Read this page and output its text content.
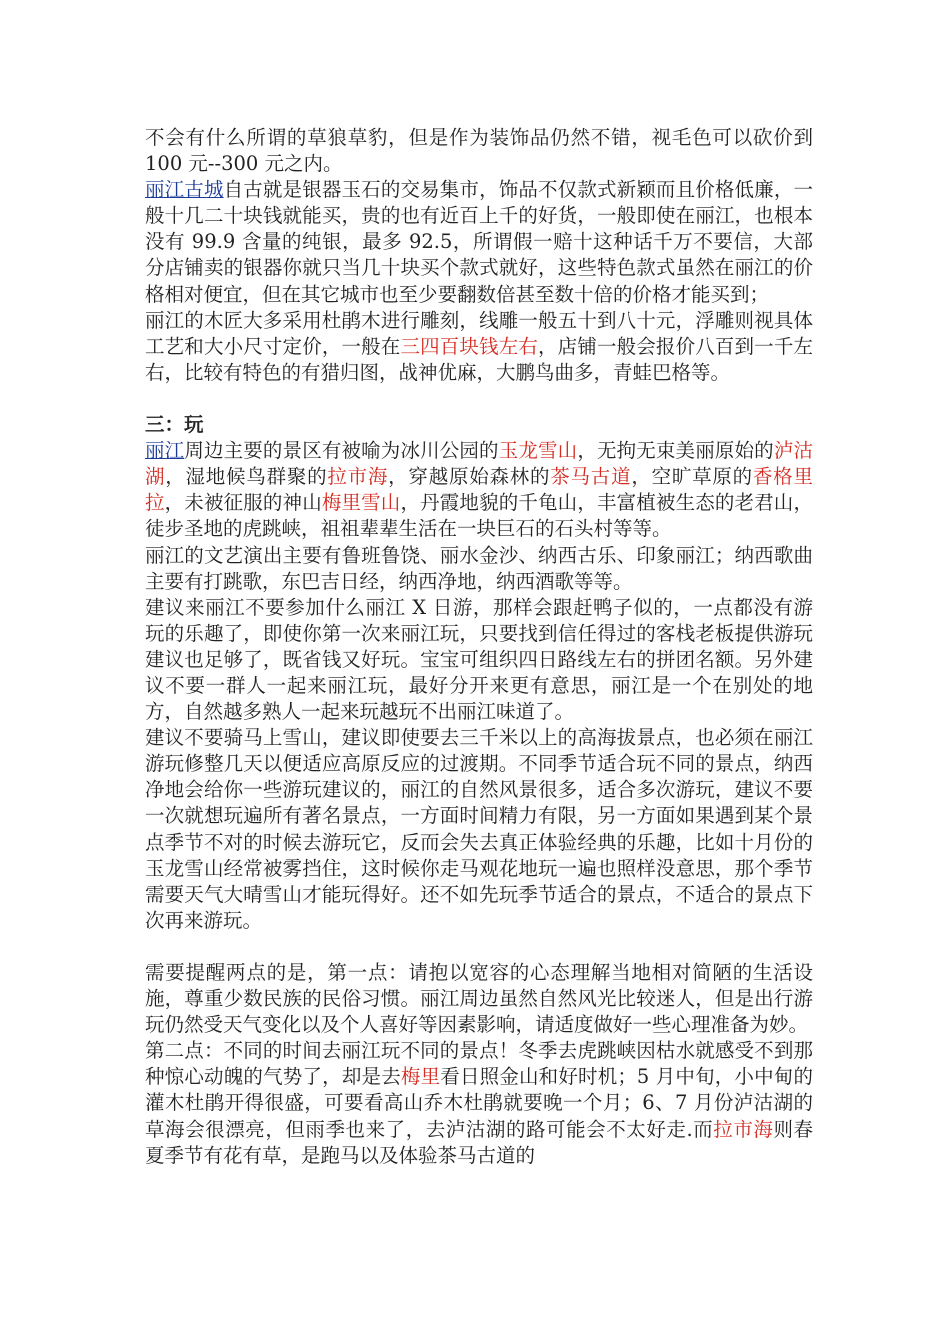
不会有什么所谓的草狼草豹，但是作为装饰品仍然不错，视毛色可以砍价到 100 元--300 元之内。

丽江古城自古就是银器玉石的交易集市，饰品不仅款式新颖而且价格低廉，一般十几二十块钱就能买，贵的也有近百上千的好货，一般即使在丽江，也根本没有 99.9 含量的纯银，最多 92.5，所谓假一赔十这种话千万不要信，大部分店铺卖的银器你就只当几十块买个款式就好，这些特色款式虽然在丽江的价格相对便宜，但在其它城市也至少要翻数倍甚至数十倍的价格才能买到；

丽江的木匠大多采用杜鹃木进行雕刻，线雕一般五十到八十元，浮雕则视具体工艺和大小尺寸定价，一般在三四百块钱左右，店铺一般会报价八百到一千左右，比较有特色的有猎归图，战神优麻，大鹏鸟曲多，青蛙巴格等。

三：玩

丽江周边主要的景区有被喻为冰川公园的玉龙雪山，无拘无束美丽原始的泸沽湖，湿地候鸟群聚的拉市海，穿越原始森林的茶马古道，空旷草原的香格里拉，未被征服的神山梅里雪山，丹霞地貌的千龟山，丰富植被生态的老君山，徒步圣地的虎跳峡，祖祖辈辈生活在一块巨石的石头村等等。

丽江的文艺演出主要有鲁班鲁饶、丽水金沙、纳西古乐、印象丽江；纳西歌曲主要有打跳歌，东巴吉日经，纳西净地，纳西酒歌等等。

建议来丽江不要参加什么丽江 X 日游，那样会跟赶鸭子似的，一点都没有游玩的乐趣了，即使你第一次来丽江玩，只要找到信任得过的客栈老板提供游玩建议也足够了，既省钱又好玩。宝宝可组织四日路线左右的拼团名额。另外建议不要一群人一起来丽江玩，最好分开来更有意思，丽江是一个在别处的地方，自然越多熟人一起来玩越玩不出丽江味道了。

建议不要骑马上雪山，建议即使要去三千米以上的高海拔景点，也必须在丽江游玩修整几天以便适应高原反应的过渡期。不同季节适合玩不同的景点，纳西净地会给你一些游玩建议的，丽江的自然风景很多，适合多次游玩，建议不要一次就想玩遍所有著名景点，一方面时间精力有限，另一方面如果遇到某个景点季节不对的时候去游玩它，反而会失去真正体验经典的乐趣，比如十月份的玉龙雪山经常被雾挡住，这时候你走马观花地玩一遍也照样没意思，那个季节需要天气大晴雪山才能玩得好。还不如先玩季节适合的景点，不适合的景点下次再来游玩。

需要提醒两点的是，第一点：请抱以宽容的心态理解当地相对简陋的生活设施，尊重少数民族的民俗习惯。丽江周边虽然自然风光比较迷人，但是出行游玩仍然受天气变化以及个人喜好等因素影响，请适度做好一些心理准备为妙。

第二点：不同的时间去丽江玩不同的景点！冬季去虎跳峡因枯水就感受不到那种惊心动魄的气势了，却是去梅里看日照金山和好时机；5 月中旬，小中甸的灌木杜鹃开得很盛，可要看高山乔木杜鹃就要晚一个月；6、7 月份泸沽湖的草海会很漂亮，但雨季也来了，去泸沽湖的路可能会不太好走.而拉市海则春夏季节有花有草，是跑马以及体验茶马古道的
